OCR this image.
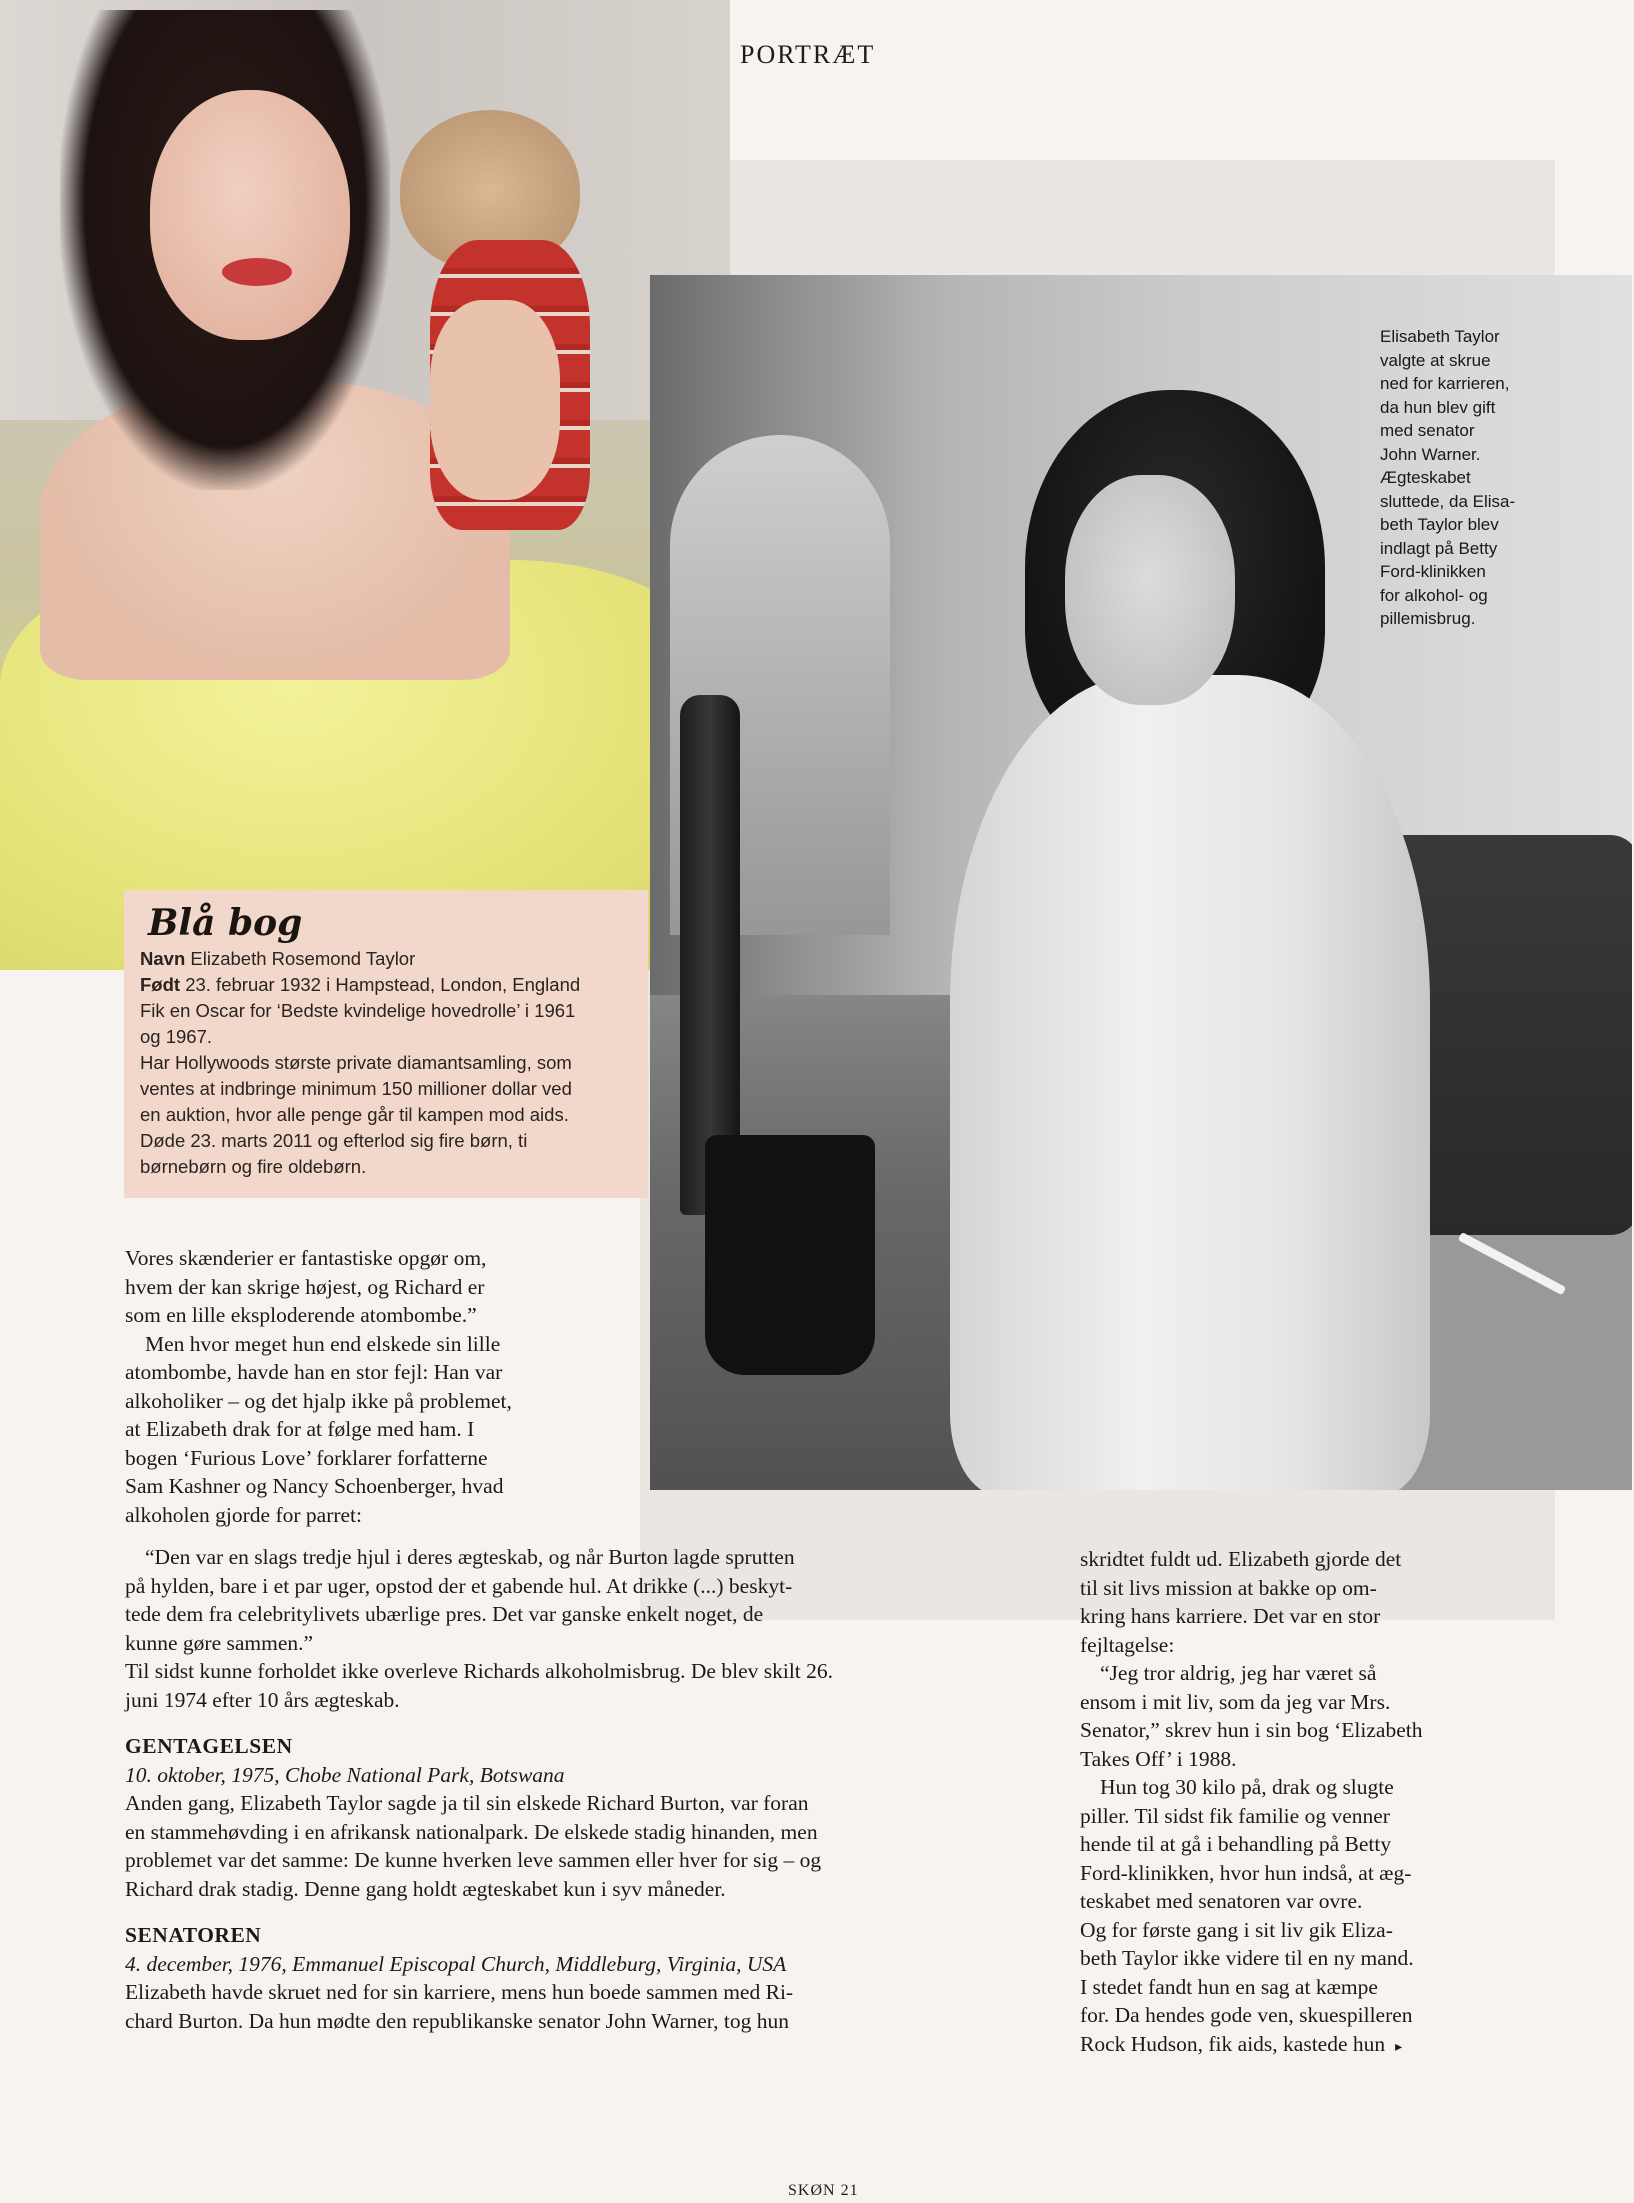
PORTRÆT
Elisabeth Taylor
valgte at skrue
ned for karrieren,
da hun blev gift
med senator
John Warner.
Ægteskabet
sluttede, da Elisa-
beth Taylor blev
indlagt på Betty
Ford-klinikken
for alkohol- og
pillemisbrug.
Blå bog

Navn Elizabeth Rosemond Taylor

Født 23. februar 1932 i Hampstead, London, England

Fik en Oscar for ‘Bedste kvindelige hovedrolle’ i 1961

og 1967.

Har Hollywoods største private diamantsamling, som

ventes at indbringe minimum 150 millioner dollar ved

en auktion, hvor alle penge går til kampen mod aids.

Døde 23. marts 2011 og efterlod sig fire børn, ti

børnebørn og fire oldebørn.

Vores skænderier er fantastiske opgør om,
hvem der kan skrige højest, og Richard er
som en lille eksploderende atombombe.”
Men hvor meget hun end elskede sin lille
atombombe, havde han en stor fejl: Han var
alkoholiker – og det hjalp ikke på problemet,
at Elizabeth drak for at følge med ham. I
bogen ‘Furious Love’ forklarer forfatterne
Sam Kashner og Nancy Schoenberger, hvad
alkoholen gjorde for parret:
“Den var en slags tredje hjul i deres ægteskab, og når Burton lagde sprutten
på hylden, bare i et par uger, opstod der et gabende hul. At drikke (...) beskyt-
tede dem fra celebritylivets ubærlige pres. Det var ganske enkelt noget, de
kunne gøre sammen.”
Til sidst kunne forholdet ikke overleve Richards alkoholmisbrug. De blev skilt 26.
juni 1974 efter 10 års ægteskab.
GENTAGELSEN
10. oktober, 1975, Chobe National Park, Botswana
Anden gang, Elizabeth Taylor sagde ja til sin elskede Richard Burton, var foran
en stammehøvding i en afrikansk nationalpark. De elskede stadig hinanden, men
problemet var det samme: De kunne hverken leve sammen eller hver for sig – og
Richard drak stadig. Denne gang holdt ægteskabet kun i syv måneder.
SENATOREN
4. december, 1976, Emmanuel Episcopal Church, Middleburg, Virginia, USA
Elizabeth havde skruet ned for sin karriere, mens hun boede sammen med Ri-
chard Burton. Da hun mødte den republikanske senator John Warner, tog hun
skridtet fuldt ud. Elizabeth gjorde det
til sit livs mission at bakke op om-
kring hans karriere. Det var en stor
fejltagelse:
“Jeg tror aldrig, jeg har været så
ensom i mit liv, som da jeg var Mrs.
Senator,” skrev hun i sin bog ‘Elizabeth
Takes Off’ i 1988.
Hun tog 30 kilo på, drak og slugte
piller. Til sidst fik familie og venner
hende til at gå i behandling på Betty
Ford-klinikken, hvor hun indså, at æg-
teskabet med senatoren var ovre.
Og for første gang i sit liv gik Eliza-
beth Taylor ikke videre til en ny mand.
I stedet fandt hun en sag at kæmpe
for. Da hendes gode ven, skuespilleren
Rock Hudson, fik aids, kastede hun ▸
SKØN 21
